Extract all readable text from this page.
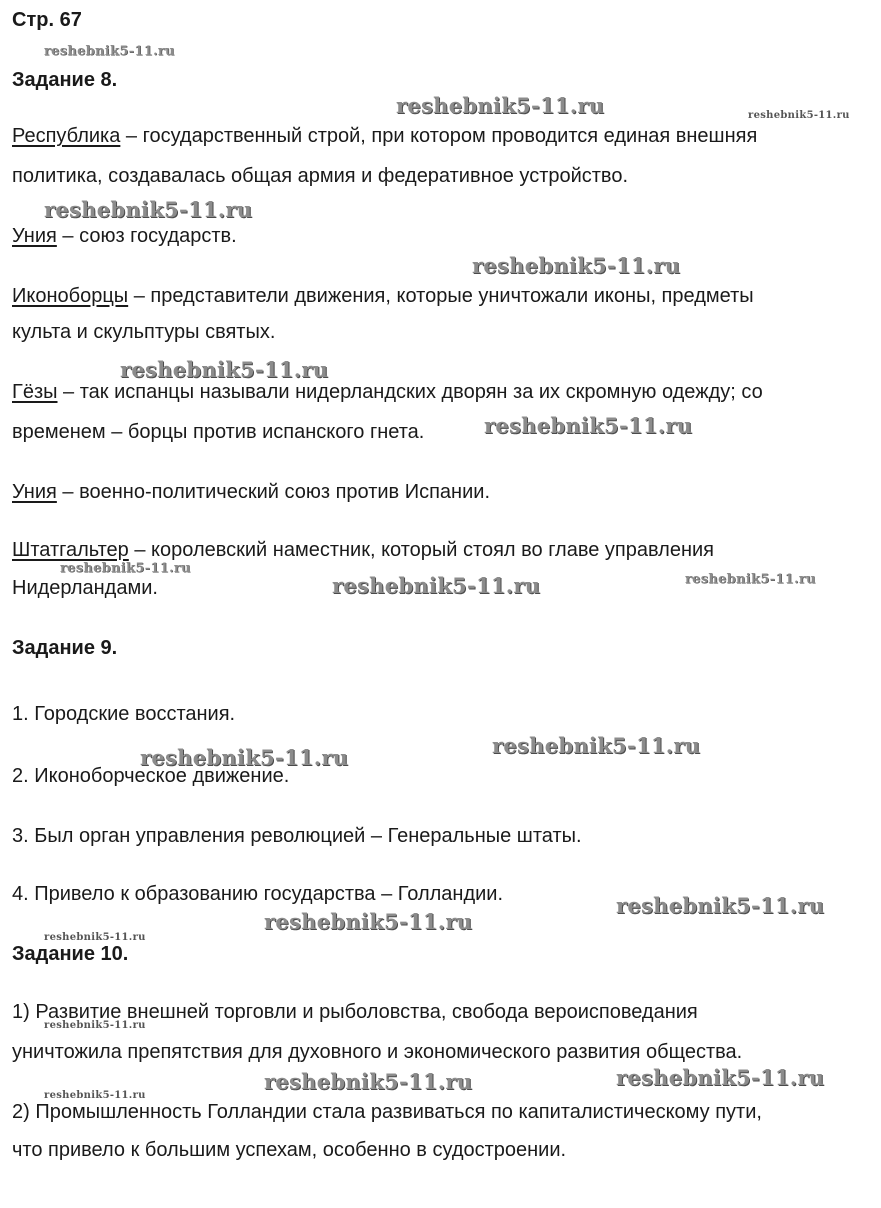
Стр. 67
Задание 8.
Республика – государственный строй, при котором проводится единая внешняя
политика, создавалась общая армия и федеративное устройство.
Уния – союз государств.
Иконоборцы – представители движения, которые уничтожали иконы, предметы
культа и скульптуры святых.
Гёзы – так испанцы называли нидерландских дворян за их скромную одежду; со
временем – борцы против испанского гнета.
Уния – военно-политический союз против Испании.
Штатгальтер – королевский наместник, который стоял во главе управления
Нидерландами.
Задание 9.
1. Городские восстания.
2. Иконоборческое движение.
3. Был орган управления революцией – Генеральные штаты.
4. Привело к образованию государства – Голландии.
Задание 10.
1) Развитие внешней торговли и рыболовства, свобода вероисповедания
уничтожила препятствия для духовного и экономического развития общества.
2) Промышленность Голландии стала развиваться по капиталистическому пути,
что привело к большим успехам, особенно в судостроении.
reshebnik5-11.ru
reshebnik5-11.ru	reshebnik5-11.ru
reshebnik5-11.ru
reshebnik5-11.ru
reshebnik5-11.ru
reshebnik5-11.ru
reshebnik5-11.ru
reshebnik5-11.ru	reshebnik5-11.ru
reshebnik5-11.ru
reshebnik5-11.ru
reshebnik5-11.ru
reshebnik5-11.ru
reshebnik5-11.ru
reshebnik5-11.ru
reshebnik5-11.ru
reshebnik5-11.ru
reshebnik5-11.ru
